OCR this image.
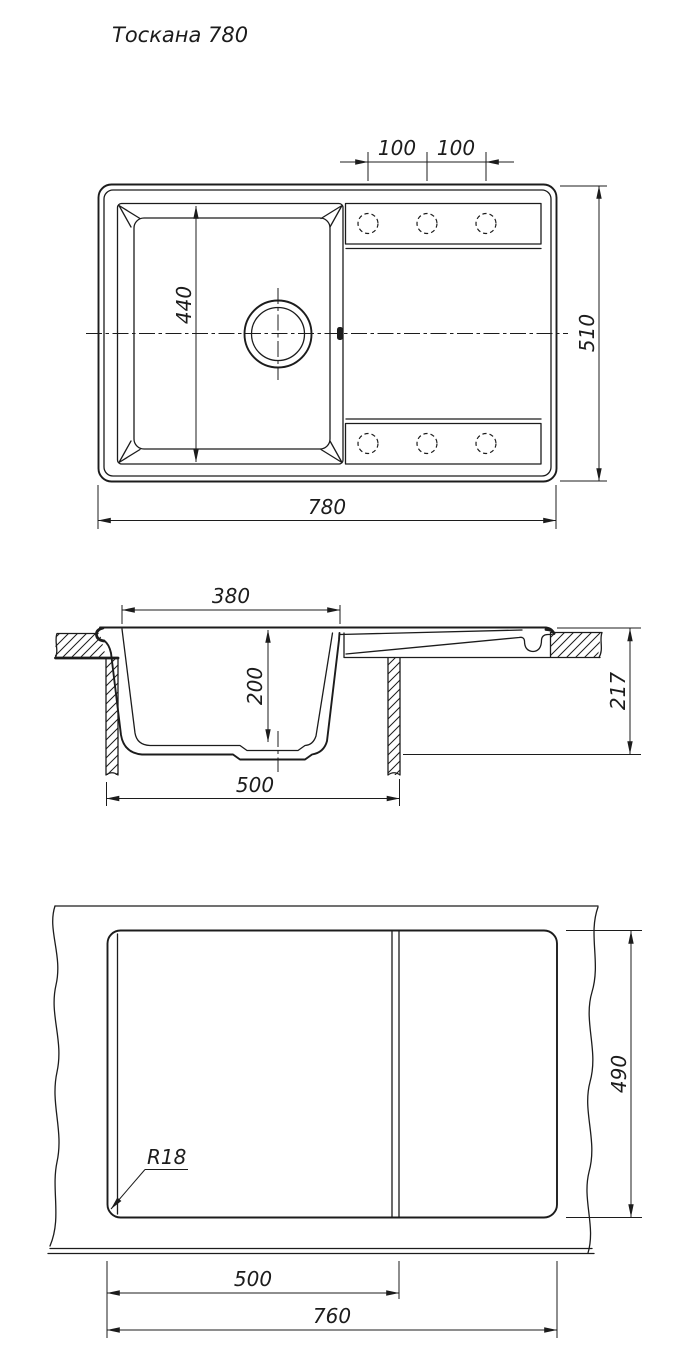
Тоскана 780
100 100
440
510
780
380
200	217
500
R18
490
500
760
